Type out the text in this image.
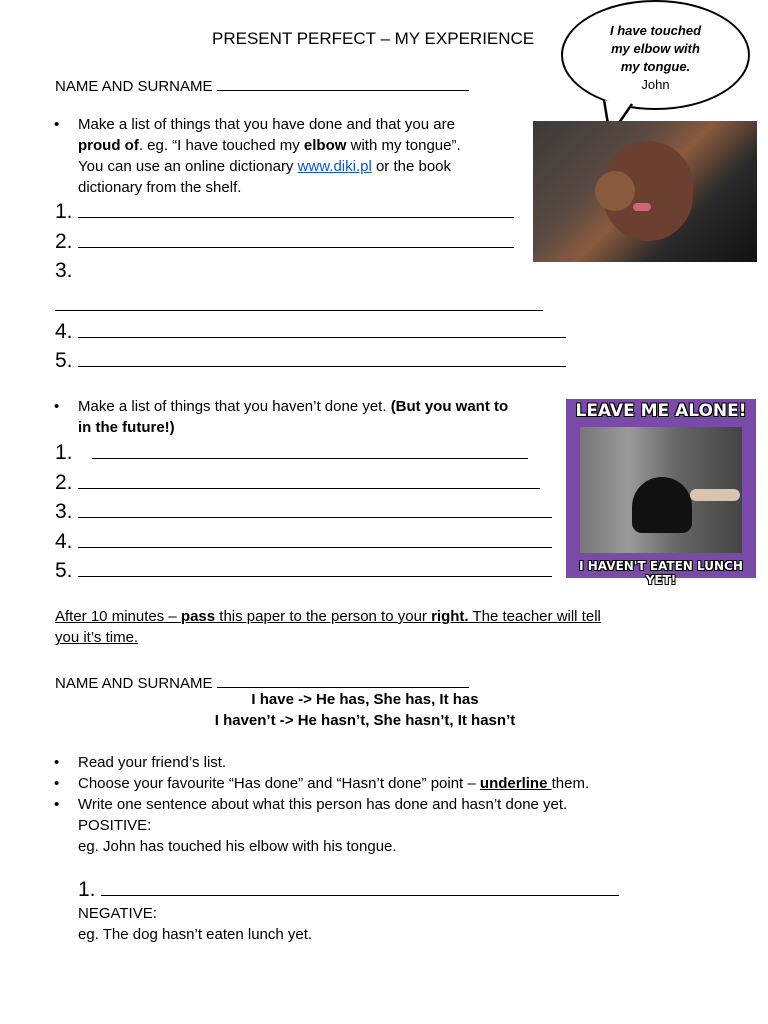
PRESENT PERFECT – MY EXPERIENCE	I have touched
my elbow with
my tongue.
John
NAME AND SURNAME
• Make a list of things that you have done and that you are
proud of. eg. “I have touched my elbow with my tongue”.
You can use an online dictionary www.diki.pl or the book
dictionary from the shelf.
1.
2.
3.
4.
5.
• Make a list of things that you haven’t done yet. (But you want to
in the future!)
LEAVE ME ALONE!
I HAVEN'T EATEN LUNCH YET!
1.
2.
3.
4.
5.
After 10 minutes – pass this paper to the person to your right. The teacher will tell
you it’s time.
NAME AND SURNAME
I have -> He has, She has, It has
I haven’t -> He hasn’t, She hasn’t, It hasn’t
• Read your friend’s list.
• Choose your favourite “Has done” and “Hasn’t done” point – underline them.
• Write one sentence about what this person has done and hasn’t done yet.
POSITIVE:
eg. John has touched his elbow with his tongue.
1.
NEGATIVE:
eg. The dog hasn’t eaten lunch yet.
